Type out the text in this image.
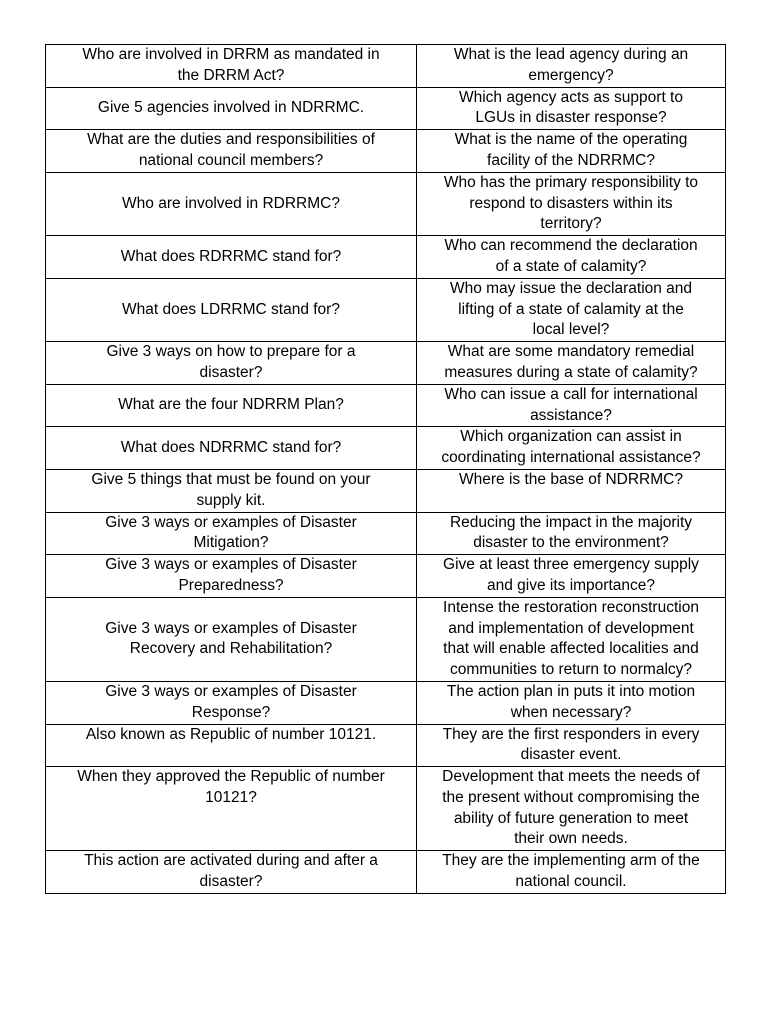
Who are involved in DRRM as mandated in
the DRRM Act?	What is the lead agency during an
emergency?
Give 5 agencies involved in NDRRMC.	Which agency acts as support to
LGUs in disaster response?
What are the duties and responsibilities of
national council members?	What is the name of the operating
facility of the NDRRMC?
Who are involved in RDRRMC?	Who has the primary responsibility to
respond to disasters within its
territory?
What does RDRRMC stand for?	Who can recommend the declaration
of a state of calamity?
What does LDRRMC stand for?	Who may issue the declaration and
lifting of a state of calamity at the
local level?
Give 3 ways on how to prepare for a
disaster?	What are some mandatory remedial
measures during a state of calamity?
What are the four NDRRM Plan?	Who can issue a call for international
assistance?
What does NDRRMC stand for?	Which organization can assist in
coordinating international assistance?
Give 5 things that must be found on your
supply kit.	Where is the base of NDRRMC?
Give 3 ways or examples of Disaster
Mitigation?	Reducing the impact in the majority
disaster to the environment?
Give 3 ways or examples of Disaster
Preparedness?	Give at least three emergency supply
and give its importance?
Give 3 ways or examples of Disaster
Recovery and Rehabilitation?	Intense the restoration reconstruction
and implementation of development
that will enable affected localities and
communities to return to normalcy?
Give 3 ways or examples of Disaster
Response?	The action plan in puts it into motion
when necessary?
Also known as Republic of number 10121.	They are the first responders in every
disaster event.
When they approved the Republic of number
10121?	Development that meets the needs of
the present without compromising the
ability of future generation to meet
their own needs.
This action are activated during and after a
disaster?	They are the implementing arm of the
national council.
